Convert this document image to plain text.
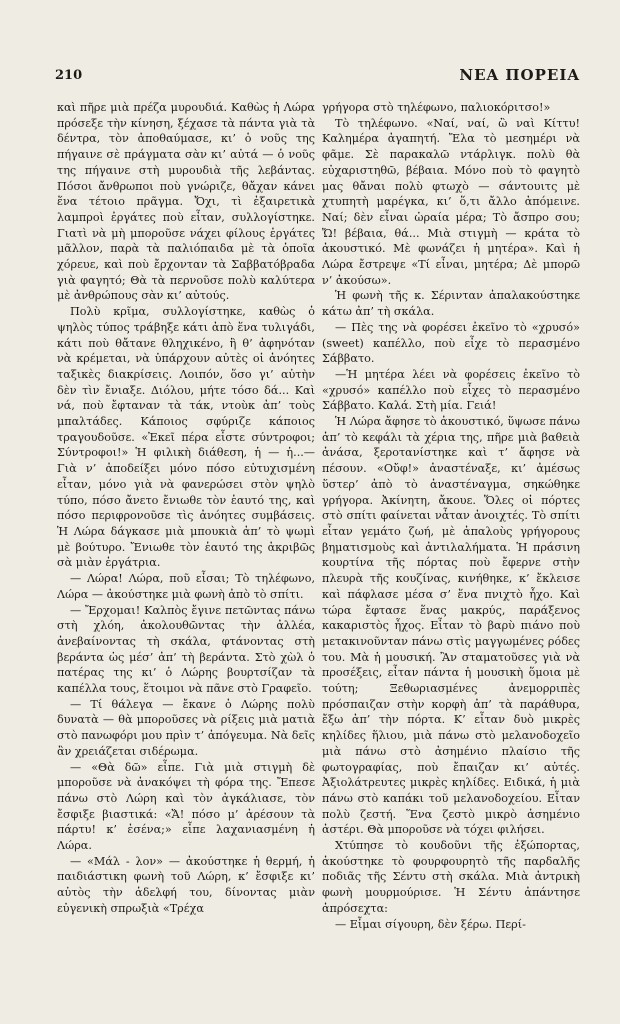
210	ΝΕΑ ΠΟΡΕΙΑ

καὶ πῆρε μιὰ πρέζα μυρουδιά. Καθὼς ἡ Λώρα πρόσεξε τὴν κίνηση, ξέχασε τὰ πάντα γιὰ τὰ δέντρα, τὸν ἀποθαύμασε, κι’ ὁ νοῦς της πήγαινε σὲ πράγματα σὰν κι’ αὐτά — ὁ νοῦς της πήγαινε στὴ μυρουδιὰ τῆς λεβάντας. Πόσοι ἄνθρωποι ποὺ γνώριζε, θἄχαν κάνει ἕνα τέτοιο πρᾶγμα. Ὄχι, τὶ ἐξαιρετικὰ λαμπροὶ ἐργάτες ποὺ εἶταν, συλλογίστηκε. Γιατὶ νὰ μὴ μποροῦσε νάχει φίλους ἐργάτες μᾶλλον, παρὰ τὰ παλιόπαιδα μὲ τὰ ὁποῖα χόρευε, καὶ ποὺ ἔρχονταν τὰ Σαββατόβραδα γιὰ φαγητό; Θὰ τὰ περνοῦσε πολὺ καλύτερα μὲ ἀνθρώπους σὰν κι’ αὐτούς.

Πολὺ κρῖμα, συλλογίστηκε, καθὼς ὁ ψηλὸς τύπος τράβηξε κάτι ἀπὸ ἕνα τυλιγάδι, κάτι ποὺ θἄτανε θληχικένο, ἢ θ’ ἀφηνόταν νὰ κρέμεται, νὰ ὑπάρχουν αὐτὲς οἱ ἀνόητες ταξικὲς διακρίσεις. Λοιπόν, ὅσο γι’ αὐτὴν δὲν τὶν ἔνιαξε. Διόλου, μήτε τόσο δά... Καὶ νά, ποὺ ἔφταναν τὰ τάκ, ντοὺκ ἀπ’ τοὺς μπαλτάδες. Κάποιος σφύριζε κάποιος τραγουδοῦσε. «Ἐκεῖ πέρα εἶστε σύντροφοι; Σύντροφοι!» Ἡ φιλικὴ διάθεση, ἡ — ἡ...— Γιὰ ν’ ἀποδείξει μόνο πόσο εὐτυχισμένη εἶταν, μόνο γιὰ νὰ φανερώσει στὸν ψηλὸ τύπο, πόσο ἄνετο ἔνιωθε τὸν ἑαυτό της, καὶ πόσο περιφρονοῦσε τὶς ἀνόητες συμβάσεις. Ἡ Λώρα δάγκασε μιὰ μπουκιὰ ἀπ’ τὸ ψωμὶ μὲ βούτυρο. Ἔνιωθε τὸν ἑαυτό της ἀκριβῶς σὰ μιὰν ἐργάτρια.

— Λώρα! Λώρα, ποῦ εἶσαι; Τὸ τηλέφωνο, Λώρα — ἀκούστηκε μιὰ φωνὴ ἀπὸ τὸ σπίτι.

— Ἔρχομαι! Καλπὸς ἔγινε πετῶντας πάνω στὴ χλόη, ἀκολουθῶντας τὴν ἀλλέα, ἀνεβαίνοντας τὴ σκάλα, φτάνοντας στὴ βεράντα ὡς μέσ’ ἀπ’ τὴ βεράντα. Στὸ χὼλ ὁ πατέρας της κι’ ὁ Λώρης βουρτσίζαν τὰ καπέλλα τους, ἕτοιμοι νὰ πᾶνε στὸ Γραφεῖο.

— Τί θάλεγα — ἔκανε ὁ Λώρης πολὺ δυνατὰ — θὰ μποροῦσες νὰ ρίξεις μιὰ ματιὰ στὸ πανωφόρι μου πρὶν τ’ ἀπόγευμα. Νὰ δεῖς ἂν χρειάζεται σιδέρωμα.

— «Θὰ δῶ» εἶπε. Γιὰ μιὰ στιγμὴ δὲ μποροῦσε νὰ ἀνακόψει τὴ φόρα της. Ἔπεσε πάνω στὸ Λώρη καὶ τὸν ἀγκάλιασε, τὸν ἔσφιξε βιαστικά: «Ἄ! πόσο μ’ ἀρέσουν τὰ πάρτυ! κ’ ἐσένα;» εἶπε λαχανιασμένη ἡ Λώρα.

— «Μάλ - λον» — ἀκούστηκε ἡ θερμή, ἡ παιδιάστικη φωνὴ τοῦ Λώρη, κ’ ἔσφιξε κι’ αὐτὸς τὴν ἀδελφή του, δίνοντας μιὰν εὐγενικὴ σπρωξιὰ «Τρέχα

γρήγορα στὸ τηλέφωνο, παλιοκόριτσο!»

Τὸ τηλέφωνο. «Ναί, ναί, ὢ ναὶ Κίττυ! Καλημέρα ἀγαπητή. Ἔλα τὸ μεσημέρι νὰ φᾶμε. Σὲ παρακαλῶ ντάρλιγκ. πολὺ θὰ εὐχαριστηθῶ, βέβαια. Μόνο ποὺ τὸ φαγητὸ μας θἄναι πολὺ φτωχὸ — σάντουιτς μὲ χτυπητὴ μαρέγκα, κι’ ὅ,τι ἄλλο ἀπόμεινε. Ναί; δὲν εἶναι ὡραία μέρα; Τὸ ἄσπρο σου; Ὤ! βέβαια, θά... Μιὰ στιγμὴ — κράτα τὸ ἀκουστικό. Μὲ φωνάζει ἡ μητέρα». Καὶ ἡ Λώρα ἔστρεψε «Τί εἶναι, μητέρα; Δὲ μπορῶ ν’ ἀκούσω».

Ἡ φωνὴ τῆς κ. Σέρινταν ἀπαλακούστηκε κάτω ἀπ’ τὴ σκάλα.

— Πὲς της νὰ φορέσει ἐκεῖνο τὸ «χρυσό» (sweet) καπέλλο, ποὺ εἶχε τὸ περασμένο Σάββατο.

—Ἡ μητέρα λέει νὰ φορέσεις ἐκεῖνο τὸ «χρυσό» καπέλλο ποὺ εἶχες τὸ περασμένο Σάββατο. Καλά. Στὴ μία. Γειά!

Ἡ Λώρα ἄφησε τὸ ἀκουστικό, ὕψωσε πάνω ἀπ’ τὸ κεφάλι τὰ χέρια της, πῆρε μιὰ βαθειὰ ἀνάσα, ξεροτανίστηκε καὶ τ’ ἄφησε νὰ πέσουν. «Οὔφ!» ἀναστέναξε, κι’ ἀμέσως ὕστερ’ ἀπὸ τὸ ἀναστέναγμα, σηκώθηκε γρήγορα. Ἀκίνητη, ἄκουε. Ὅλες οἱ πόρτες στὸ σπίτι φαίνεται νἆταν ἀνοιχτές. Τὸ σπίτι εἶταν γεμάτο ζωή, μὲ ἀπαλοὺς γρήγορους βηματισμοὺς καὶ ἀντιλαλήματα. Ἡ πράσινη κουρτίνα τῆς πόρτας ποὺ ἔφερνε στὴν πλευρὰ τῆς κουζίνας, κινήθηκε, κ’ ἔκλεισε καὶ πάφλασε μέσα σ’ ἕνα πνιχτὸ ἦχο. Καὶ τώρα ἔφτασε ἕνας μακρύς, παράξενος κακαριστὸς ἦχος. Εἶταν τὸ βαρὺ πιάνο ποὺ μετακινοῦνταν πάνω στὶς μαγγωμένες ρόδες του. Μὰ ἡ μουσική. Ἂν σταματοῦσες γιὰ νὰ προσέξεις, εἶταν πάντα ἡ μουσικὴ ὅμοια μὲ τούτη; Ξεθωριασμένες ἀνεμορριπὲς πρόσπαιζαν στὴν κορφὴ ἀπ’ τὰ παράθυρα, ἔξω ἀπ’ τὴν πόρτα. Κ’ εἶταν δυὸ μικρὲς κηλίδες ἥλιου, μιὰ πάνω στὸ μελανοδοχεῖο μιὰ πάνω στὸ ἀσημένιο πλαίσιο τῆς φωτογραφίας, ποὺ ἔπαιζαν κι’ αὐτές. Ἀξιολάτρευτες μικρὲς κηλίδες. Ειδικά, ἡ μιὰ πάνω στὸ καπάκι τοῦ μελανοδοχείου. Εἶταν πολὺ ζεστή. Ἕνα ζεστὸ μικρὸ ἀσημένιο ἀστέρι. Θὰ μποροῦσε νὰ τόχει φιλήσει.

Χτύπησε τὸ κουδοῦνι τῆς ἐξώπορτας, ἀκούστηκε τὸ φουρφουρητὸ τῆς παρδαλῆς ποδιᾶς τῆς Σέντυ στὴ σκάλα. Μιὰ ἀντρικὴ φωνὴ μουρμούρισε. Ἡ Σέντυ ἀπάντησε ἀπρόσεχτα:

— Εἶμαι σίγουρη, δὲν ξέρω. Περί-
